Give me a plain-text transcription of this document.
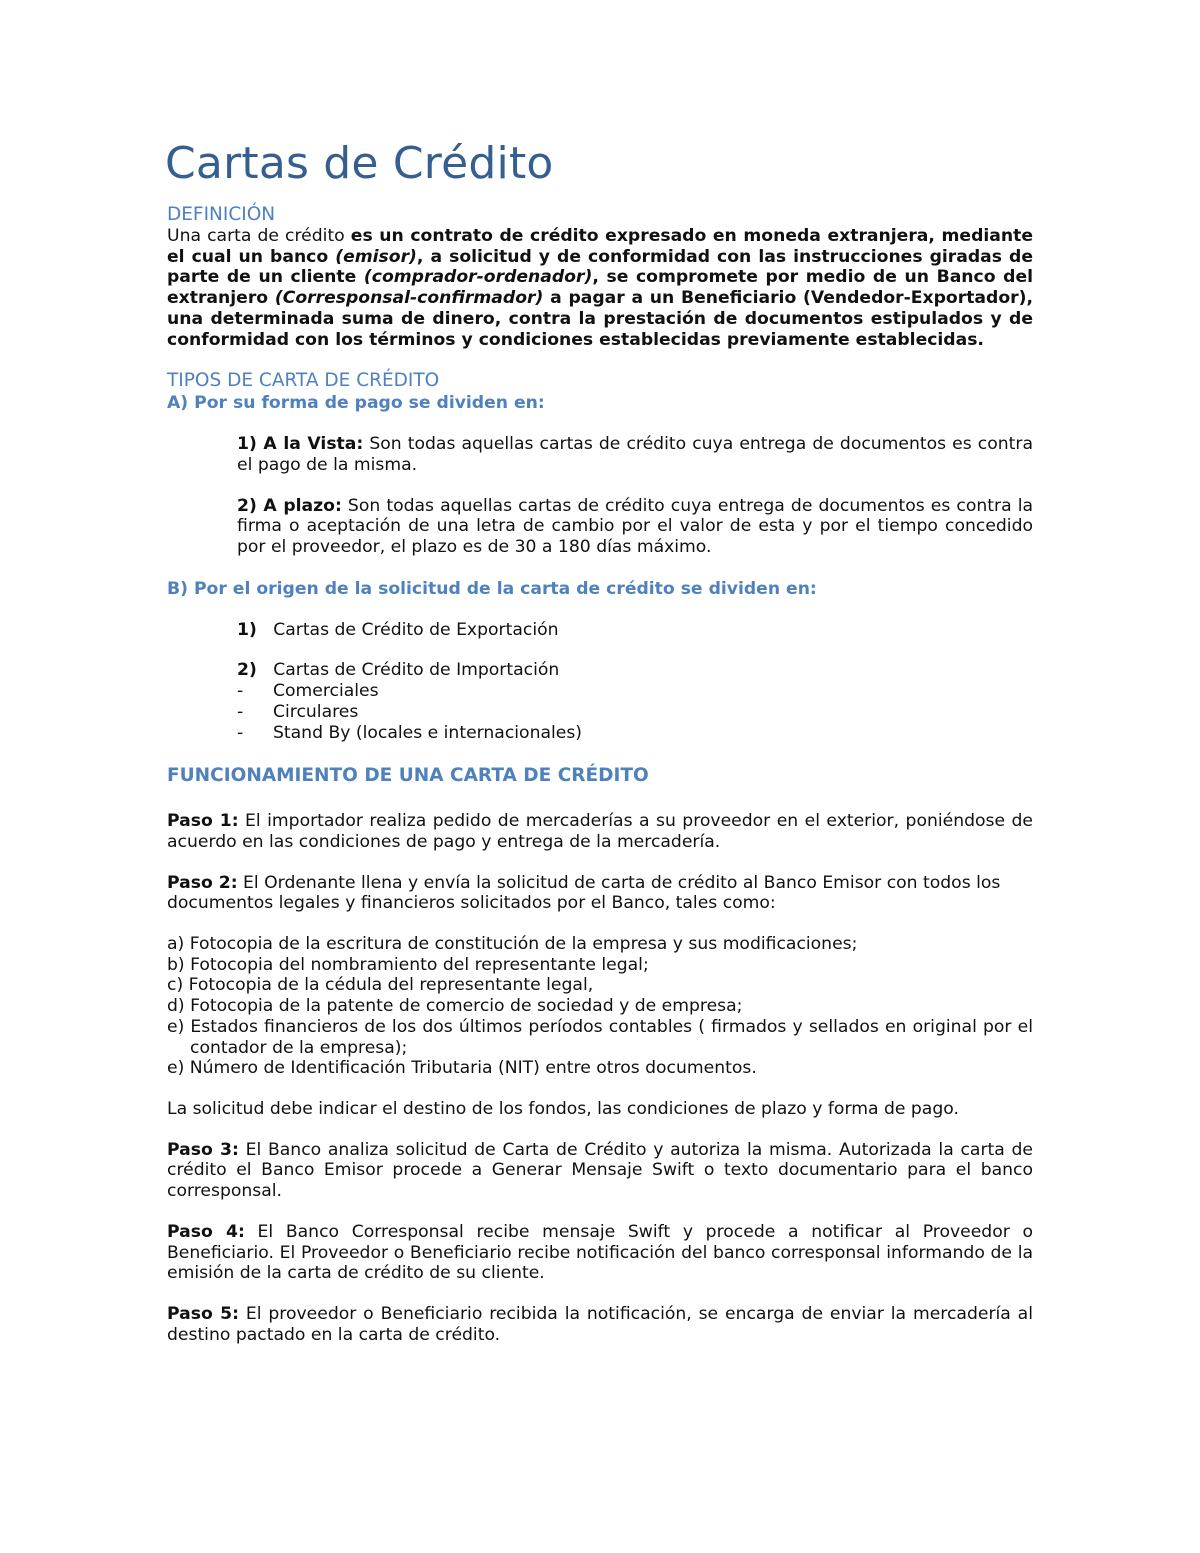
Cartas de Crédito
DEFINICIÓN

Una carta de crédito es un contrato de crédito expresado en moneda extranjera, mediante el cual un banco (emisor), a solicitud y de conformidad con las instrucciones giradas de parte de un cliente (comprador-ordenador), se compromete por medio de un Banco del extranjero (Corresponsal-confirmador) a pagar a un Beneficiario (Vendedor-Exportador), una determinada suma de dinero, contra la prestación de documentos estipulados y de conformidad con los términos y condiciones establecidas previamente establecidas.

TIPOS DE CARTA DE CRÉDITO
A) Por su forma de pago se dividen en:

1) A la Vista: Son todas aquellas cartas de crédito cuya entrega de documentos es contra el pago de la misma.

2) A plazo: Son todas aquellas cartas de crédito cuya entrega de documentos es contra la firma o aceptación de una letra de cambio por el valor de esta y por el tiempo concedido por el proveedor, el plazo es de 30 a 180 días máximo.

B) Por el origen de la solicitud de la carta de crédito se dividen en:

1) Cartas de Crédito de Exportación

2) Cartas de Crédito de Importación

-	Comerciales
-	Circulares
-	Stand By (locales e internacionales)
FUNCIONAMIENTO DE UNA CARTA DE CRÉDITO

Paso 1: El importador realiza pedido de mercaderías a su proveedor en el exterior, poniéndose de acuerdo en las condiciones de pago y entrega de la mercadería.

Paso 2: El Ordenante llena y envía la solicitud de carta de crédito al Banco Emisor con todos los documentos legales y financieros solicitados por el Banco, tales como:

a) Fotocopia de la escritura de constitución de la empresa y sus modificaciones;

b) Fotocopia del nombramiento del representante legal;

c) Fotocopia de la cédula del representante legal,

d) Fotocopia de la patente de comercio de sociedad y de empresa;

e) Estados financieros de los dos últimos períodos contables ( firmados y sellados en original por el contador de la empresa);

e) Número de Identificación Tributaria (NIT) entre otros documentos.

La solicitud debe indicar el destino de los fondos, las condiciones de plazo y forma de pago.

Paso 3: El Banco analiza solicitud de Carta de Crédito y autoriza la misma. Autorizada la carta de crédito el Banco Emisor procede a Generar Mensaje Swift o texto documentario para el banco corresponsal.

Paso 4: El Banco Corresponsal recibe mensaje Swift y procede a notificar al Proveedor o Beneficiario. El Proveedor o Beneficiario recibe notificación del banco corresponsal informando de la emisión de la carta de crédito de su cliente.

Paso 5: El proveedor o Beneficiario recibida la notificación, se encarga de enviar la mercadería al destino pactado en la carta de crédito.
